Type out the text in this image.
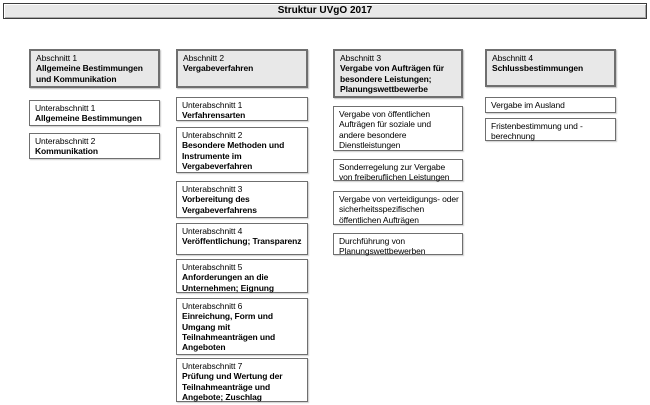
Struktur UVgO 2017
Abschnitt 1
Allgemeine Bestimmungen und Kommunikation
Unterabschnitt 1
Allgemeine Bestimmungen
Unterabschnitt 2
Kommunikation
Abschnitt 2
Vergabeverfahren
Unterabschnitt 1
Verfahrensarten
Unterabschnitt 2
Besondere Methoden und Instrumente im Vergabeverfahren
Unterabschnitt 3
Vorbereitung des Vergabeverfahrens
Unterabschnitt 4
Veröffentlichung; Transparenz
Unterabschnitt 5
Anforderungen an die Unternehmen; Eignung
Unterabschnitt 6
Einreichung, Form und Umgang mit Teilnahmeanträgen und Angeboten
Unterabschnitt 7
Prüfung und Wertung der Teilnahmeanträge und Angebote; Zuschlag
Abschnitt 3
Vergabe von Aufträgen für besondere Leistungen; Planungswettbewerbe
Vergabe von öffentlichen Aufträgen für soziale und andere besondere Dienstleistungen
Sonderregelung zur Vergabe von freiberuflichen Leistungen
Vergabe von verteidigungs- oder sicherheitsspezifischen öffentlichen Aufträgen
Durchführung von Planungswettbewerben
Abschnitt 4
Schlussbestimmungen
Vergabe im Ausland
Fristenbestimmung und - berechnung
